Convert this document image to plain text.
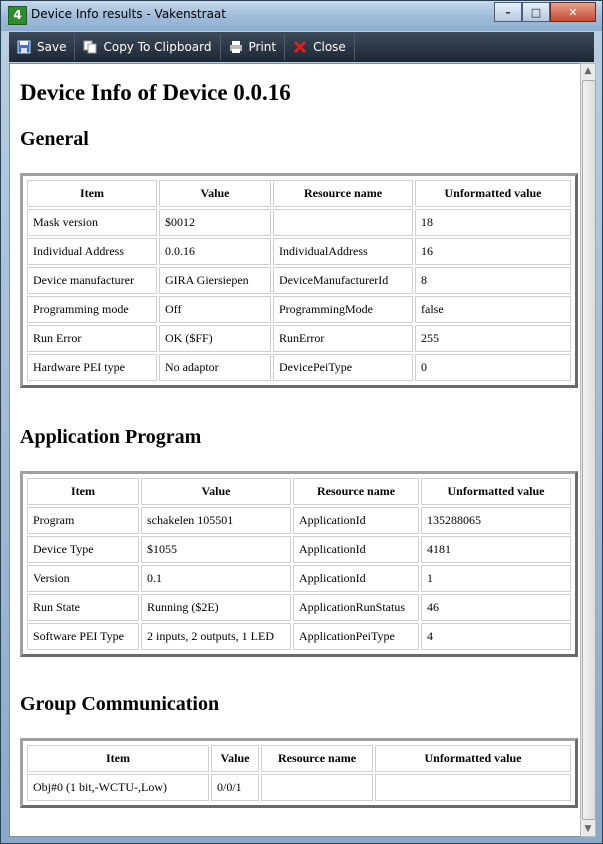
4 Device Info results - Vakenstraat	–	□	✕
Save	Copy To Clipboard	Print	Close
Device Info of Device 0.0.16
General
Item	Value	Resource name	Unformatted value
Mask version	$0012		18
Individual Address	0.0.16	IndividualAddress	16
Device manufacturer	GIRA Giersiepen	DeviceManufacturerId	8
Programming mode	Off	ProgrammingMode	false
Run Error	OK ($FF)	RunError	255
Hardware PEI type	No adaptor	DevicePeiType	0
Application Program
Item	Value	Resource name	Unformatted value
Program	schakelen 105501	ApplicationId	135288065
Device Type	$1055	ApplicationId	4181
Version	0.1	ApplicationId	1
Run State	Running ($2E)	ApplicationRunStatus	46
Software PEI Type	2 inputs, 2 outputs, 1 LED	ApplicationPeiType	4
Group Communication
Item	Value	Resource name	Unformatted value
Obj#0 (1 bit,-WCTU-,Low)	0/0/1		
▲
▼
